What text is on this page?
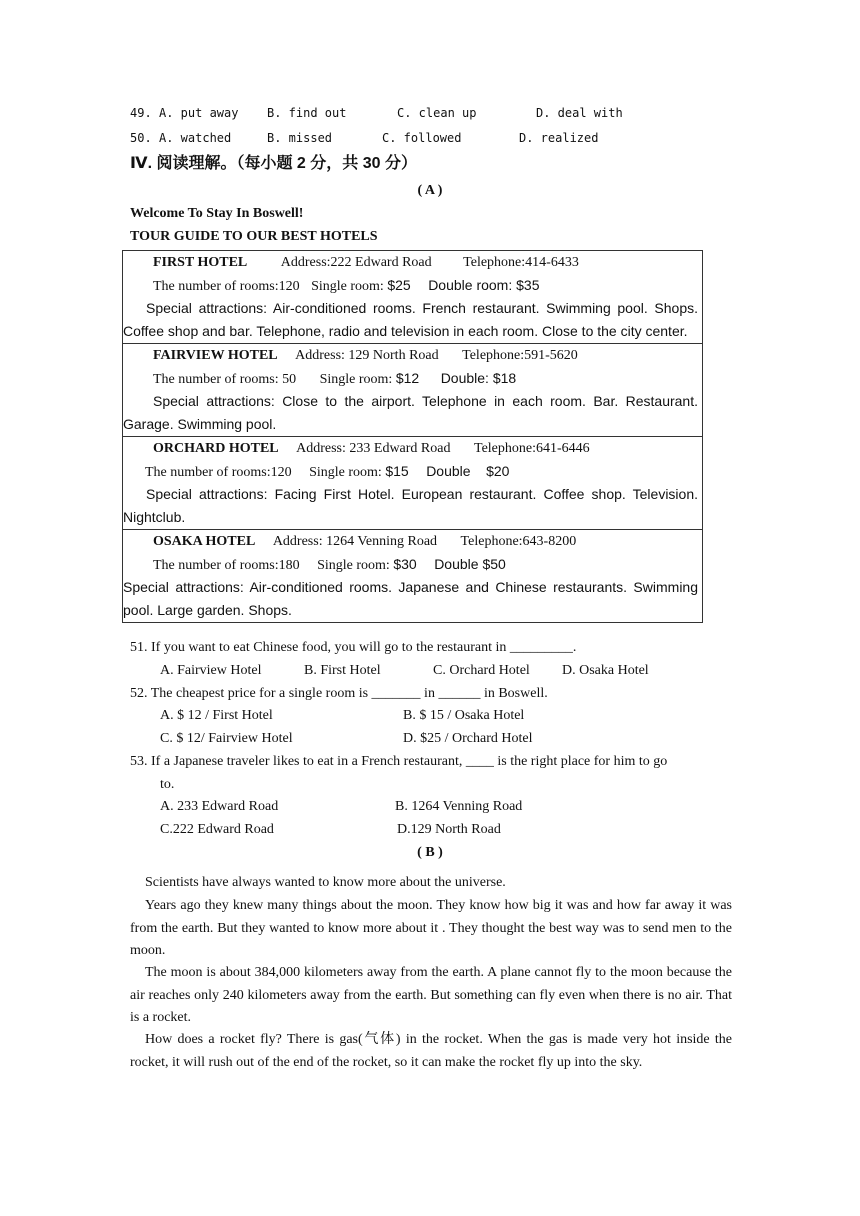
49. A. put away B. find out	C. clean up	D. deal with
50. A. watched	B. missed	C. followed	D. realized
Ⅳ. 阅读理解。（每小题 2 分，共 30 分）
( A )
Welcome To Stay In Boswell!
TOUR GUIDE TO OUR BEST HOTELS
FIRST HOTEL Address:222 Edward Road Telephone:414-6433
The number of rooms:120 Single room: $25 Double room: $35
Special attractions: Air-conditioned rooms. French restaurant. Swimming pool. Shops. Coffee shop and bar. Telephone, radio and television in each room. Close to the city center.
FAIRVIEW HOTEL Address: 129 North Road Telephone:591-5620
The number of rooms: 50 Single room: $12 Double: $18
Special attractions: Close to the airport. Telephone in each room. Bar. Restaurant. Garage. Swimming pool.
ORCHARD HOTEL Address: 233 Edward Road Telephone:641-6446
The number of rooms:120 Single room: $15 Double    $20
Special attractions: Facing First Hotel. European restaurant. Coffee shop. Television. Nightclub.
OSAKA HOTEL Address: 1264 Venning Road Telephone:643-8200
The number of rooms:180 Single room: $30 Double $50
Special attractions: Air-conditioned rooms. Japanese and Chinese restaurants. Swimming pool. Large garden. Shops.
51. If you want to eat Chinese food, you will go to the restaurant in _________.
A. Fairview Hotel	B. First Hotel	C. Orchard Hotel D. Osaka Hotel
52. The cheapest price for a single room is _______ in ______ in Boswell.
A. $ 12 / First Hotel	B. $ 15 / Osaka Hotel
C. $ 12/ Fairview Hotel	D. $25 / Orchard Hotel
53. If a Japanese traveler likes to eat in a French restaurant, ____ is the right place for him to go
to.
A. 233 Edward Road	B. 1264 Venning Road
C.222 Edward Road	D.129 North Road
( B )
Scientists have always wanted to know more about the universe.
Years ago they knew many things about the moon. They know how big it was and how far away it was from the earth. But they wanted to know more about it . They thought the best way was to send men to the moon.
The moon is about 384,000 kilometers away from the earth. A plane cannot fly to the moon because the air reaches only 240 kilometers away from the earth. But something can fly even when there is no air. That is a rocket.
How does a rocket fly? There is gas(气体) in the rocket. When the gas is made very hot inside the rocket, it will rush out of the end of the rocket, so it can make the rocket fly up into the sky.
